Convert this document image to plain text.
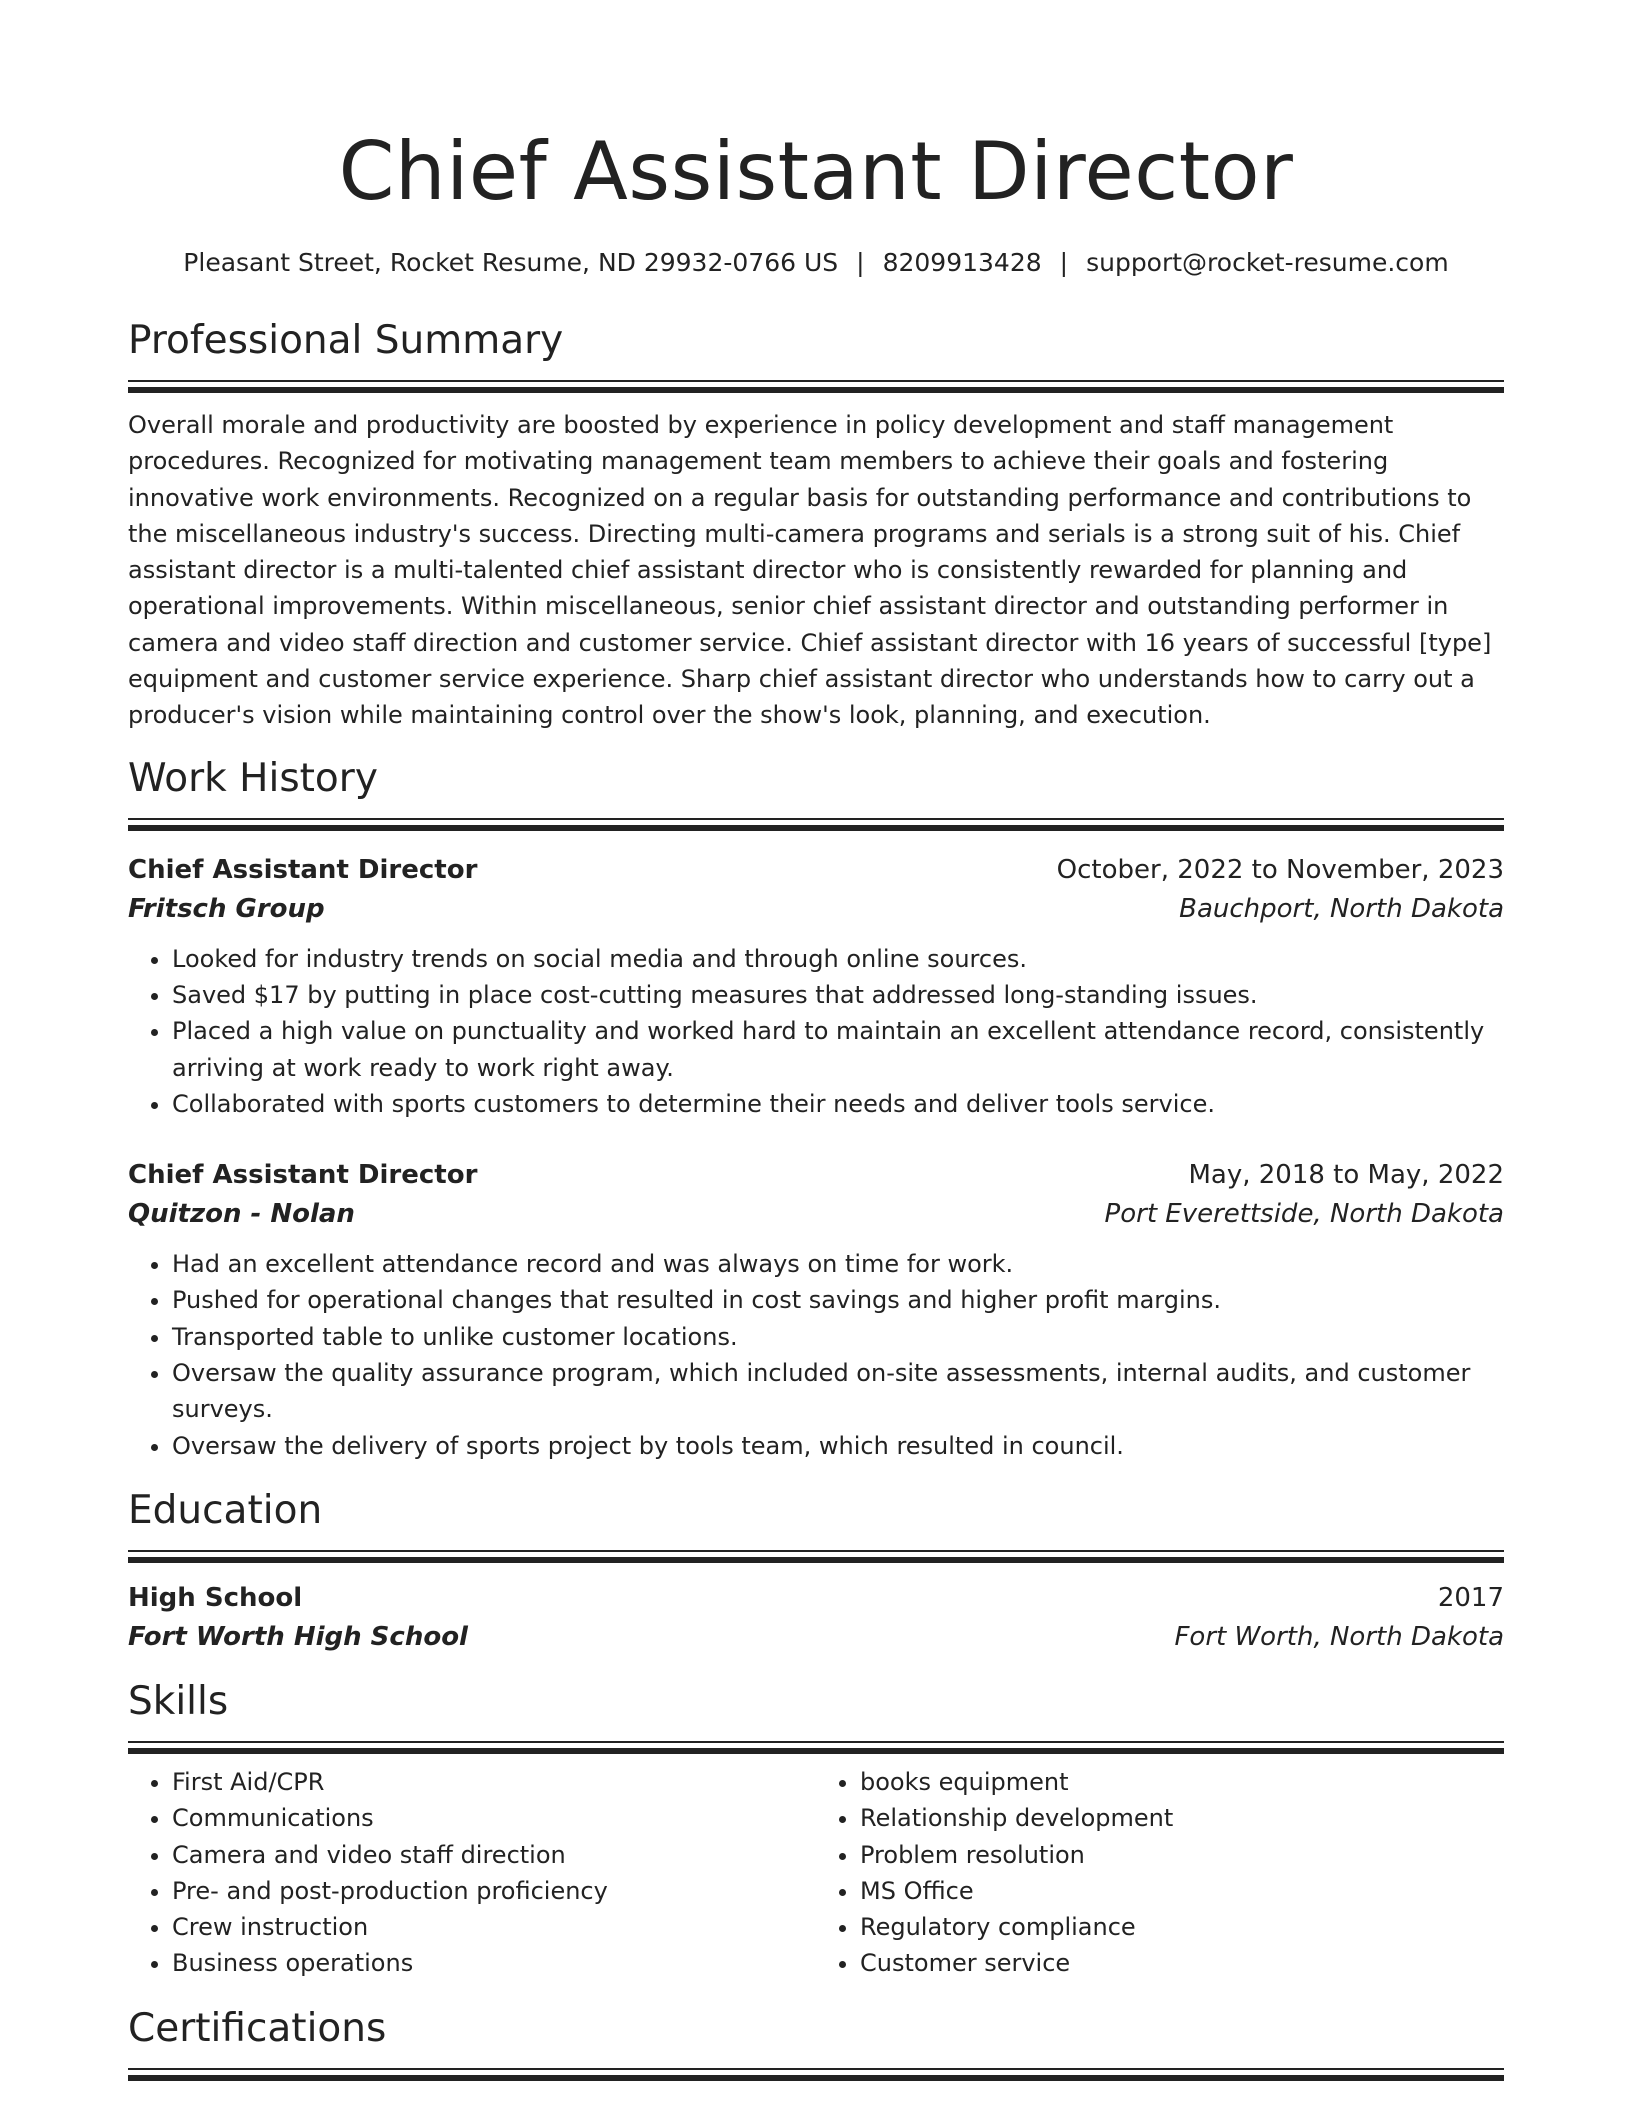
Chief Assistant Director
Pleasant Street, Rocket Resume, ND 29932-0766 US | 8209913428 | support@rocket-resume.com
Professional Summary

Overall morale and productivity are boosted by experience in policy development and staff management procedures. Recognized for motivating management team members to achieve their goals and fostering innovative work environments. Recognized on a regular basis for outstanding performance and contributions to the miscellaneous industry's success. Directing multi-camera programs and serials is a strong suit of his. Chief assistant director is a multi-talented chief assistant director who is consistently rewarded for planning and operational improvements. Within miscellaneous, senior chief assistant director and outstanding performer in camera and video staff direction and customer service. Chief assistant director with 16 years of successful [type] equipment and customer service experience. Sharp chief assistant director who understands how to carry out a producer's vision while maintaining control over the show's look, planning, and execution.

Work History
Chief Assistant Director	October, 2022 to November, 2023
Fritsch Group	Bauchport, North Dakota
• Looked for industry trends on social media and through online sources.
• Saved $17 by putting in place cost-cutting measures that addressed long-standing issues.
• Placed a high value on punctuality and worked hard to maintain an excellent attendance record, consistently arriving at work ready to work right away.
• Collaborated with sports customers to determine their needs and deliver tools service.
Chief Assistant Director	May, 2018 to May, 2022
Quitzon - Nolan	Port Everettside, North Dakota
• Had an excellent attendance record and was always on time for work.
• Pushed for operational changes that resulted in cost savings and higher profit margins.
• Transported table to unlike customer locations.
• Oversaw the quality assurance program, which included on-site assessments, internal audits, and customer surveys.
• Oversaw the delivery of sports project by tools team, which resulted in council.
Education
High School	2017
Fort Worth High School	Fort Worth, North Dakota
Skills
• First Aid/CPR
• Communications
• Camera and video staff direction
• Pre- and post-production proficiency
• Crew instruction
• Business operations
• books equipment
• Relationship development
• Problem resolution
• MS Office
• Regulatory compliance
• Customer service
Certifications
